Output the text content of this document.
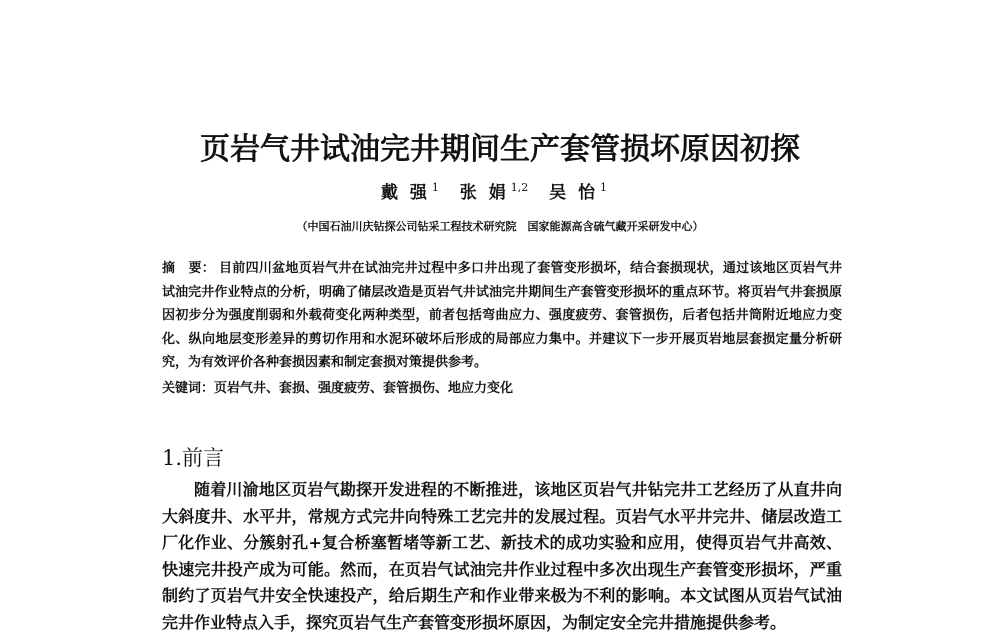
页岩气井试油完井期间生产套管损坏原因初探
戴 强 $^1$ 张 娟 $^{1,2}$ 吴 怡 $^1$
（中国石油川庆钻探公司钻采工程技术研究院　国家能源高含硫气藏开采研发中心）
摘　要： 目前四川盆地页岩气井在试油完井过程中多口井出现了套管变形损坏，结合套损现状，通过该地区页岩气井试油完井作业特点的分析，明确了储层改造是页岩气井试油完井期间生产套管变形损坏的重点环节。将页岩气井套损原因初步分为强度削弱和外载荷变化两种类型，前者包括弯曲应力、强度疲劳、套管损伤，后者包括井筒附近地应力变化、纵向地层变形差异的剪切作用和水泥环破坏后形成的局部应力集中。并建议下一步开展页岩地层套损定量分析研究，为有效评价各种套损因素和制定套损对策提供参考。
关键词：页岩气井、套损、强度疲劳、套管损伤、地应力变化
1.前言
随着川渝地区页岩气勘探开发进程的不断推进，该地区页岩气井钻完井工艺经历了从直井向大斜度井、水平井，常规方式完井向特殊工艺完井的发展过程。页岩气水平井完井、储层改造工厂化作业、分簇射孔+复合桥塞暂堵等新工艺、新技术的成功实验和应用，使得页岩气井高效、快速完井投产成为可能。然而，在页岩气试油完井作业过程中多次出现生产套管变形损坏，严重制约了页岩气井安全快速投产，给后期生产和作业带来极为不利的影响。本文试图从页岩气试油完井作业特点入手，探究页岩气生产套管变形损坏原因，为制定安全完井措施提供参考。
